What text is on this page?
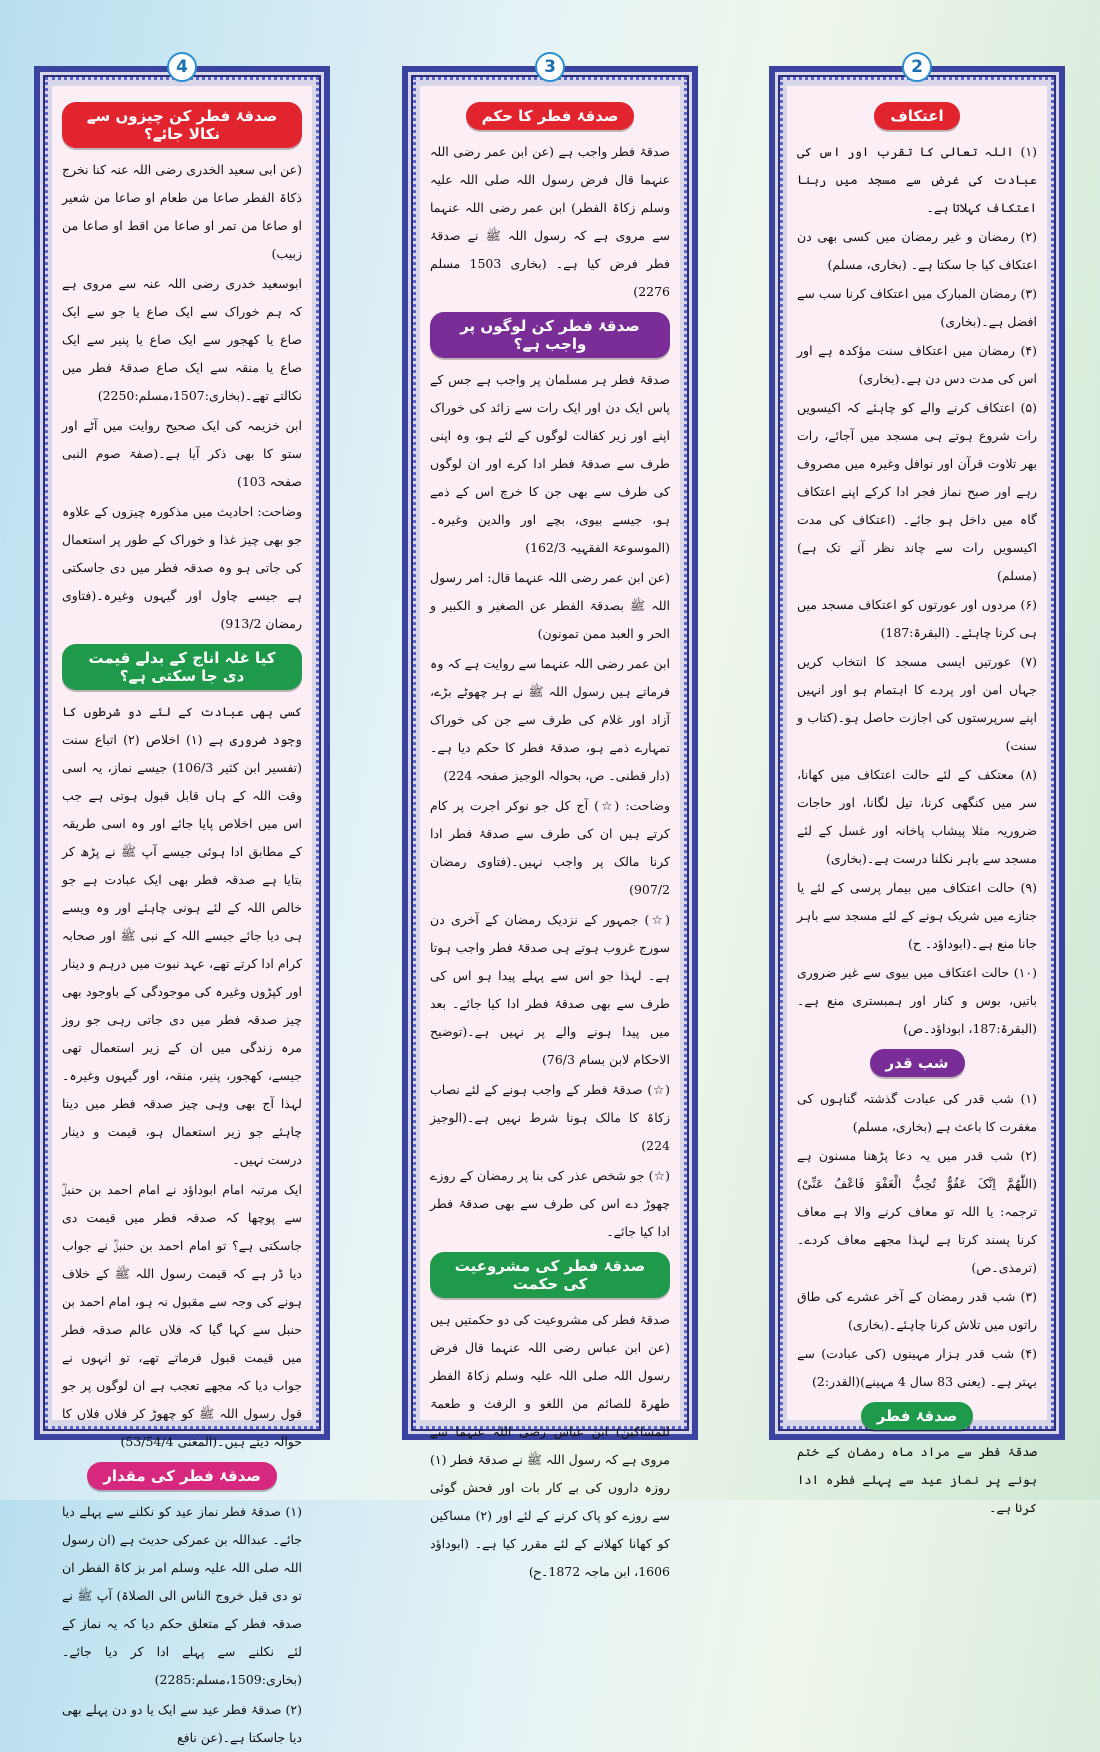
4
صدقۂ فطر کن چیزوں سے نکالا جائے؟

(عن ابی سعید الخدری رضی اللہ عنہ کنا نخرج ذکاۃ الفطر صاعا من طعام او صاعا من شعیر او صاعا من تمر او صاعا من اقط او صاعا من زبیب)

ابوسعید خدری رضی اللہ عنہ سے مروی ہے کہ ہم خوراک سے ایک صاع یا جو سے ایک صاع یا کھجور سے ایک صاع یا پنیر سے ایک صاع یا منقہ سے ایک صاع صدقۂ فطر میں نکالتے تھے۔(بخاری:1507،مسلم:2250)

ابن خزیمہ کی ایک صحیح روایت میں آٹے اور ستو کا بھی ذکر آیا ہے۔(صفۃ صوم النبی صفحہ 103)

وضاحت: احادیث میں مذکورہ چیزوں کے علاوہ جو بھی چیز غذا و خوراک کے طور پر استعمال کی جاتی ہو وہ صدقہ فطر میں دی جاسکتی ہے جیسے چاول اور گیہوں وغیرہ۔(فتاوی رمضان 913/2)

کیا غلہ اناج کے بدلے قیمت دی جا سکتی ہے؟

کسی بھی عبادت کے لئے دو شرطوں کا وجود ضروری ہے (۱) اخلاص (۲) اتباع سنت (تفسیر ابن کثیر 106/3) جیسے نماز، یہ اسی وقت اللہ کے ہاں قابل قبول ہوتی ہے جب اس میں اخلاص پایا جائے اور وہ اسی طریقہ کے مطابق ادا ہوئی جیسے آپ ﷺ نے پڑھ کر بتایا ہے صدقہ فطر بھی ایک عبادت ہے جو خالص اللہ کے لئے ہونی چاہئے اور وہ ویسے ہی دیا جائے جیسے اللہ کے نبی ﷺ اور صحابہ کرام ادا کرتے تھے، عہد نبوت میں درہم و دینار اور کپڑوں وغیرہ کی موجودگی کے باوجود بھی چیز صدقہ فطر میں دی جاتی رہی جو روز مرہ زندگی میں ان کے زیر استعمال تھی جیسے، کھجور، پنیر، منقہ، اور گیہوں وغیرہ۔ لہذا آج بھی وہی چیز صدقہ فطر میں دینا چاہئے جو زیر استعمال ہو، قیمت و دینار درست نہیں۔

ایک مرتبہ امام ابوداؤد نے امام احمد بن حنبلؒ سے پوچھا کہ صدقہ فطر میں قیمت دی جاسکتی ہے؟ تو امام احمد بن حنبلؒ نے جواب دیا ڈر ہے کہ قیمت رسول اللہ ﷺ کے خلاف ہونے کی وجہ سے مقبول نہ ہو، امام احمد بن حنبل سے کہا گیا کہ فلاں عالم صدقہ فطر میں قیمت قبول فرماتے تھے، تو انہوں نے جواب دیا کہ مجھے تعجب ہے ان لوگوں پر جو قول رسول اللہ ﷺ کو چھوڑ کر فلاں فلاں کا حوالہ دیتے ہیں۔(المغنی 53/54/4)

صدقۂ فطر کی مقدار

(۱) صدقۂ فطر نماز عید کو نکلنے سے پہلے دیا جائے۔ عبداللہ بن عمرکی حدیث ہے (ان رسول اللہ صلی اللہ علیہ وسلم امر بز کاۃ الفطر ان تو دی قبل خروج الناس الی الصلاۃ) آپ ﷺ نے صدقہ فطر کے متعلق حکم دیا کہ یہ نماز کے لئے نکلنے سے پہلے ادا کر دیا جائے۔(بخاری:1509،مسلم:2285)

(۲) صدقۂ فطر عید سے ایک یا دو دن پہلے بھی دیا جاسکتا ہے۔(عن نافع

3
صدقۂ فطر کا حکم

صدقۂ فطر واجب ہے (عن ابن عمر رضی اللہ عنہما قال فرض رسول اللہ صلی اللہ علیہ وسلم زکاۃ الفطر) ابن عمر رضی اللہ عنہما سے مروی ہے کہ رسول اللہ ﷺ نے صدقۂ فطر فرض کیا ہے۔ (بخاری 1503 مسلم 2276)

صدقۂ فطر کن لوگوں پر واجب ہے؟

صدقۂ فطر ہر مسلمان پر واجب ہے جس کے پاس ایک دن اور ایک رات سے زائد کی خوراک اپنے اور زیر کفالت لوگوں کے لئے ہو، وہ اپنی طرف سے صدقۂ فطر ادا کرے اور ان لوگوں کی طرف سے بھی جن کا خرچ اس کے ذمے ہو، جیسے بیوی، بچے اور والدین وغیرہ۔(الموسوعۃ الفقہیہ 162/3)

(عن ابن عمر رضی اللہ عنہما قال: امر رسول اللہ ﷺ بصدقۃ الفطر عن الصغیر و الکبیر و الحر و العبد ممن تمونون)

ابن عمر رضی اللہ عنہما سے روایت ہے کہ وہ فرماتے ہیں رسول اللہ ﷺ نے ہر چھوٹے بڑے، آزاد اور غلام کی طرف سے جن کی خوراک تمہارے ذمے ہو، صدقۂ فطر کا حکم دیا ہے۔(دار قطنی۔ ص، بحوالہ الوجیز صفحہ 224)

وضاحت: (☆) آج کل جو نوکر اجرت پر کام کرتے ہیں ان کی طرف سے صدقۂ فطر ادا کرنا مالک پر واجب نہیں۔(فتاوی رمضان 907/2)

(☆) جمہور کے نزدیک رمضان کے آخری دن سورج غروب ہوتے ہی صدقۂ فطر واجب ہوتا ہے۔ لہذا جو اس سے پہلے پیدا ہو اس کی طرف سے بھی صدقۂ فطر ادا کیا جائے۔ بعد میں پیدا ہونے والے پر نہیں ہے۔(توضیح الاحکام لابن بسام 76/3)

(☆) صدقۂ فطر کے واجب ہونے کے لئے نصاب زکاۃ کا مالک ہونا شرط نہیں ہے۔(الوجیز 224)

(☆) جو شخص عذر کی بنا پر رمضان کے روزے چھوڑ دے اس کی طرف سے بھی صدقۂ فطر ادا کیا جائے۔

صدقۂ فطر کی مشروعیت کی حکمت

صدقۂ فطر کی مشروعیت کی دو حکمتیں ہیں (عن ابن عباس رضی اللہ عنہما قال فرض رسول اللہ صلی اللہ علیہ وسلم زکاۃ الفطر طھرۃ للصائم من اللغو و الرفث و طعمۃ للمساکین) ابن عباس رضی اللہ عنہما سے مروی ہے کہ رسول اللہ ﷺ نے صدقۂ فطر (۱) روزہ داروں کی بے کار بات اور فحش گوئی سے روزے کو پاک کرنے کے لئے اور (۲) مساکین کو کھانا کھلانے کے لئے مقرر کیا ہے۔ (ابوداؤد 1606، ابن ماجہ 1872۔ح)

2
اعتکاف

(۱) اللہ تعالی کا تقرب اور اس کی عبادت کی غرض سے مسجد میں رہنا اعتکاف کہلاتا ہے۔

(۲) رمضان و غیر رمضان میں کسی بھی دن اعتکاف کیا جا سکتا ہے۔ (بخاری، مسلم)

(۳) رمضان المبارک میں اعتکاف کرنا سب سے افضل ہے۔(بخاری)

(۴) رمضان میں اعتکاف سنت مؤکدہ ہے اور اس کی مدت دس دن ہے۔(بخاری)

(۵) اعتکاف کرنے والے کو چاہئے کہ اکیسویں رات شروع ہوتے ہی مسجد میں آجائے، رات بھر تلاوت قرآن اور نوافل وغیرہ میں مصروف رہے اور صبح نماز فجر ادا کرکے اپنے اعتکاف گاہ میں داخل ہو جائے۔ (اعتکاف کی مدت اکیسویں رات سے چاند نظر آنے تک ہے)(مسلم)

(۶) مردوں اور عورتوں کو اعتکاف مسجد میں ہی کرنا چاہئے۔ (البقرۃ:187)

(۷) عورتیں ایسی مسجد کا انتخاب کریں جہاں امن اور پردے کا اہتمام ہو اور انہیں اپنے سرپرستوں کی اجازت حاصل ہو۔(کتاب و سنت)

(۸) معتکف کے لئے حالت اعتکاف میں کھانا، سر میں کنگھی کرنا، تیل لگانا، اور حاجات ضروریہ مثلا پیشاب پاخانہ اور غسل کے لئے مسجد سے باہر نکلنا درست ہے۔(بخاری)

(۹) حالت اعتکاف میں بیمار پرسی کے لئے یا جنازے میں شریک ہونے کے لئے مسجد سے باہر جانا منع ہے۔(ابوداؤد۔ ح)

(۱۰) حالت اعتکاف میں بیوی سے غیر ضروری باتیں، بوس و کنار اور ہمبستری منع ہے۔(البقرۃ:187، ابوداؤد۔ص)

شب قدر

(۱) شب قدر کی عبادت گذشتہ گناہوں کی مغفرت کا باعث ہے (بخاری، مسلم)

(۲) شب قدر میں یہ دعا پڑھنا مسنون ہے (اللّٰھُمَّ اِنَّکَ عَفُوٌّ تُحِبُّ الْعَفْوَ فَاعْفُ عَنِّیْ) ترجمہ: یا اللہ تو معاف کرنے والا ہے معاف کرنا پسند کرتا ہے لہذا مجھے معاف کردے۔(ترمذی۔ص)

(۳) شب قدر رمضان کے آخر عشرے کی طاق راتوں میں تلاش کرنا چاہئے۔(بخاری)

(۴) شب قدر ہزار مہینوں (کی عبادت) سے بہتر ہے۔ (یعنی 83 سال 4 مہینے)(القدر:2)

صدقۂ فطر

صدقۂ فطر سے مراد ماہ رمضان کے ختم ہونے پر نماز عید سے پہلے فطرہ ادا کرنا ہے۔
